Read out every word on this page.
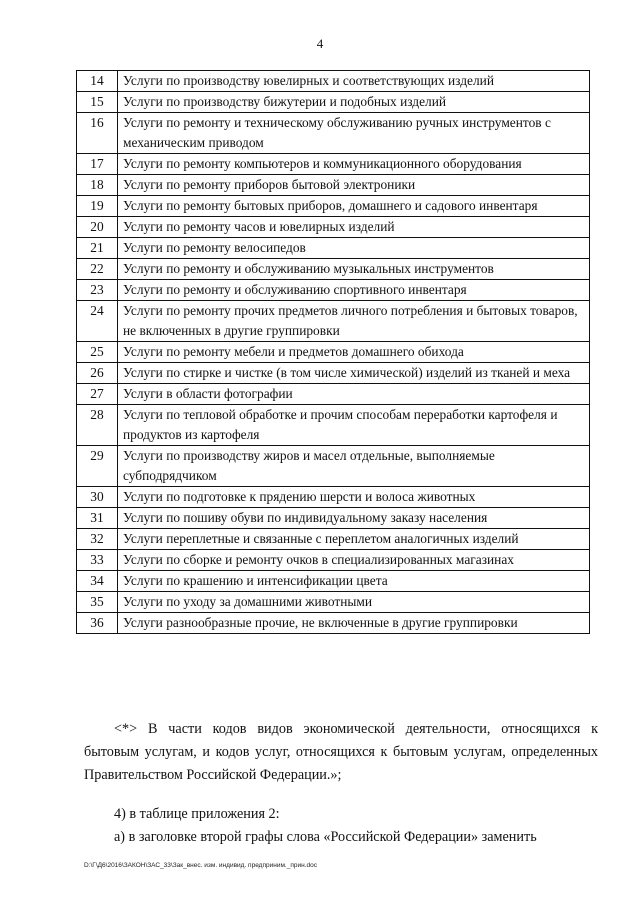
4
14	Услуги по производству ювелирных и соответствующих изделий
15	Услуги по производству бижутерии и подобных изделий
16	Услуги по ремонту и техническому обслуживанию ручных инструментов с механическим приводом
17	Услуги по ремонту компьютеров и коммуникационного оборудования
18	Услуги по ремонту приборов бытовой электроники
19	Услуги по ремонту бытовых приборов, домашнего и садового инвентаря
20	Услуги по ремонту часов и ювелирных изделий
21	Услуги по ремонту велосипедов
22	Услуги по ремонту и обслуживанию музыкальных инструментов
23	Услуги по ремонту и обслуживанию спортивного инвентаря
24	Услуги по ремонту прочих предметов личного потребления и бытовых товаров, не включенных в другие группировки
25	Услуги по ремонту мебели и предметов домашнего обихода
26	Услуги по стирке и чистке (в том числе химической) изделий из тканей и меха
27	Услуги в области фотографии
28	Услуги по тепловой обработке и прочим способам переработки картофеля и продуктов из картофеля
29	Услуги по производству жиров и масел отдельные, выполняемые субподрядчиком
30	Услуги по подготовке к прядению шерсти и волоса животных
31	Услуги по пошиву обуви по индивидуальному заказу населения
32	Услуги переплетные и связанные с переплетом аналогичных изделий
33	Услуги по сборке и ремонту очков в специализированных магазинах
34	Услуги по крашению и интенсификации цвета
35	Услуги по уходу за домашними животными
36	Услуги разнообразные прочие, не включенные в другие группировки
<*> В части кодов видов экономической деятельности, относящихся к бытовым услугам, и кодов услуг, относящихся к бытовым услугам, определенных Правительством Российской Федерации.»;
4) в таблице приложения 2:
а) в заголовке второй графы слова «Российской Федерации» заменить
D:\Г\Д6\2016\ЗАКОН\ЗАС_33\Зак_внес. изм. индивид. предприним._прин.doc
